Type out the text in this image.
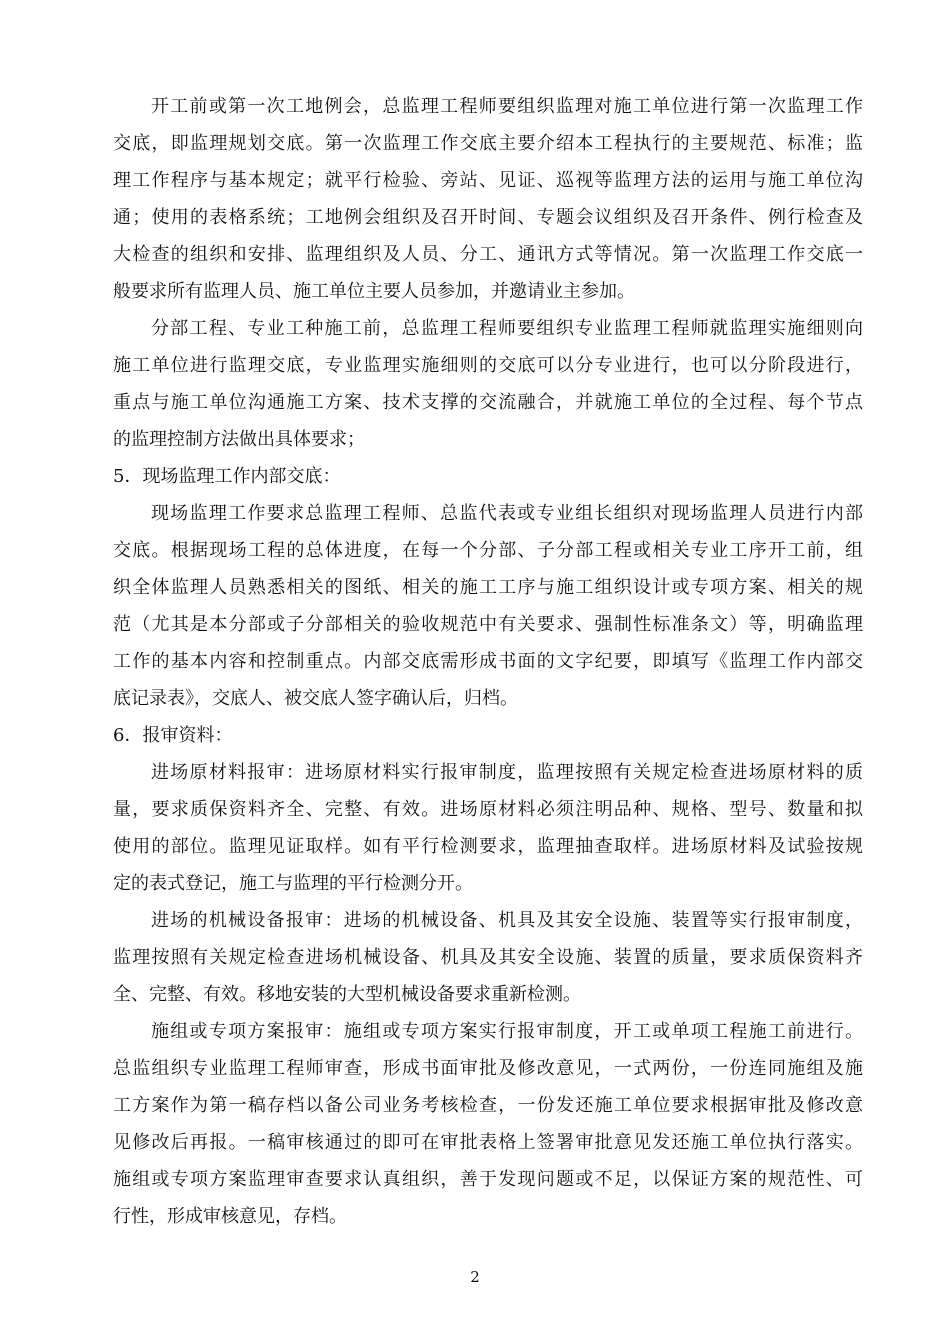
开工前或第一次工地例会，总监理工程师要组织监理对施工单位进行第一次监理工作
交底，即监理规划交底。第一次监理工作交底主要介绍本工程执行的主要规范、标准；监
理工作程序与基本规定；就平行检验、旁站、见证、巡视等监理方法的运用与施工单位沟
通；使用的表格系统；工地例会组织及召开时间、专题会议组织及召开条件、例行检查及
大检查的组织和安排、监理组织及人员、分工、通讯方式等情况。第一次监理工作交底一
般要求所有监理人员、施工单位主要人员参加，并邀请业主参加。
分部工程、专业工种施工前，总监理工程师要组织专业监理工程师就监理实施细则向
施工单位进行监理交底，专业监理实施细则的交底可以分专业进行，也可以分阶段进行，
重点与施工单位沟通施工方案、技术支撑的交流融合，并就施工单位的全过程、每个节点
的监理控制方法做出具体要求；
5．现场监理工作内部交底：
现场监理工作要求总监理工程师、总监代表或专业组长组织对现场监理人员进行内部
交底。根据现场工程的总体进度，在每一个分部、子分部工程或相关专业工序开工前，组
织全体监理人员熟悉相关的图纸、相关的施工工序与施工组织设计或专项方案、相关的规
范（尤其是本分部或子分部相关的验收规范中有关要求、强制性标准条文）等，明确监理
工作的基本内容和控制重点。内部交底需形成书面的文字纪要，即填写《监理工作内部交
底记录表》，交底人、被交底人签字确认后，归档。
6．报审资料：
进场原材料报审：进场原材料实行报审制度，监理按照有关规定检查进场原材料的质
量，要求质保资料齐全、完整、有效。进场原材料必须注明品种、规格、型号、数量和拟
使用的部位。监理见证取样。如有平行检测要求，监理抽查取样。进场原材料及试验按规
定的表式登记，施工与监理的平行检测分开。
进场的机械设备报审：进场的机械设备、机具及其安全设施、装置等实行报审制度，
监理按照有关规定检查进场机械设备、机具及其安全设施、装置的质量，要求质保资料齐
全、完整、有效。移地安装的大型机械设备要求重新检测。
施组或专项方案报审：施组或专项方案实行报审制度，开工或单项工程施工前进行。
总监组织专业监理工程师审查，形成书面审批及修改意见，一式两份，一份连同施组及施
工方案作为第一稿存档以备公司业务考核检查，一份发还施工单位要求根据审批及修改意
见修改后再报。一稿审核通过的即可在审批表格上签署审批意见发还施工单位执行落实。
施组或专项方案监理审查要求认真组织，善于发现问题或不足，以保证方案的规范性、可
行性，形成审核意见，存档。
2
